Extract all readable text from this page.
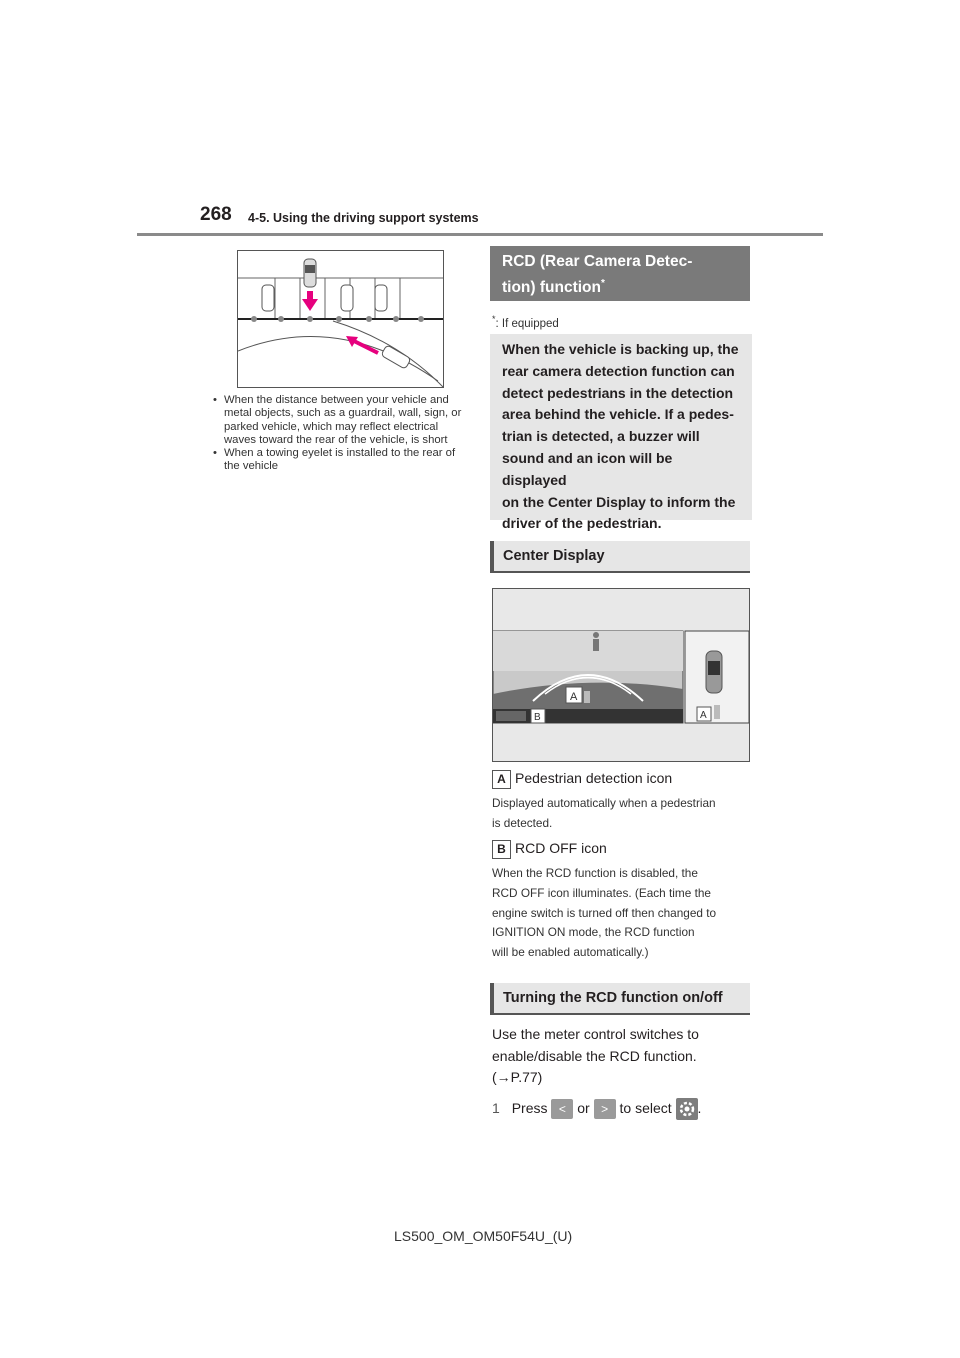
268 4-5. Using the driving support systems
• When the distance between your vehicle and metal objects, such as a guardrail, wall, sign, or parked vehicle, which may reflect electrical waves toward the rear of the vehicle, is short
• When a towing eyelet is installed to the rear of the vehicle
RCD (Rear Camera Detec-
tion) function*
*: If equipped
When the vehicle is backing up, the
rear camera detection function can
detect pedestrians in the detection
area behind the vehicle. If a pedes-
trian is detected, a buzzer will
sound and an icon will be displayed
on the Center Display to inform the
driver of the pedestrian.
Center Display
A
B	A
A Pedestrian detection icon
Displayed automatically when a pedestrian
is detected.
B RCD OFF icon
When the RCD function is disabled, the
RCD OFF icon illuminates. (Each time the
engine switch is turned off then changed to
IGNITION ON mode, the RCD function
will be enabled automatically.)
Turning the RCD function on/off
Use the meter control switches to
enable/disable the RCD function.
(→P.77)
1 Press < or > to select .
LS500_OM_OM50F54U_(U)
